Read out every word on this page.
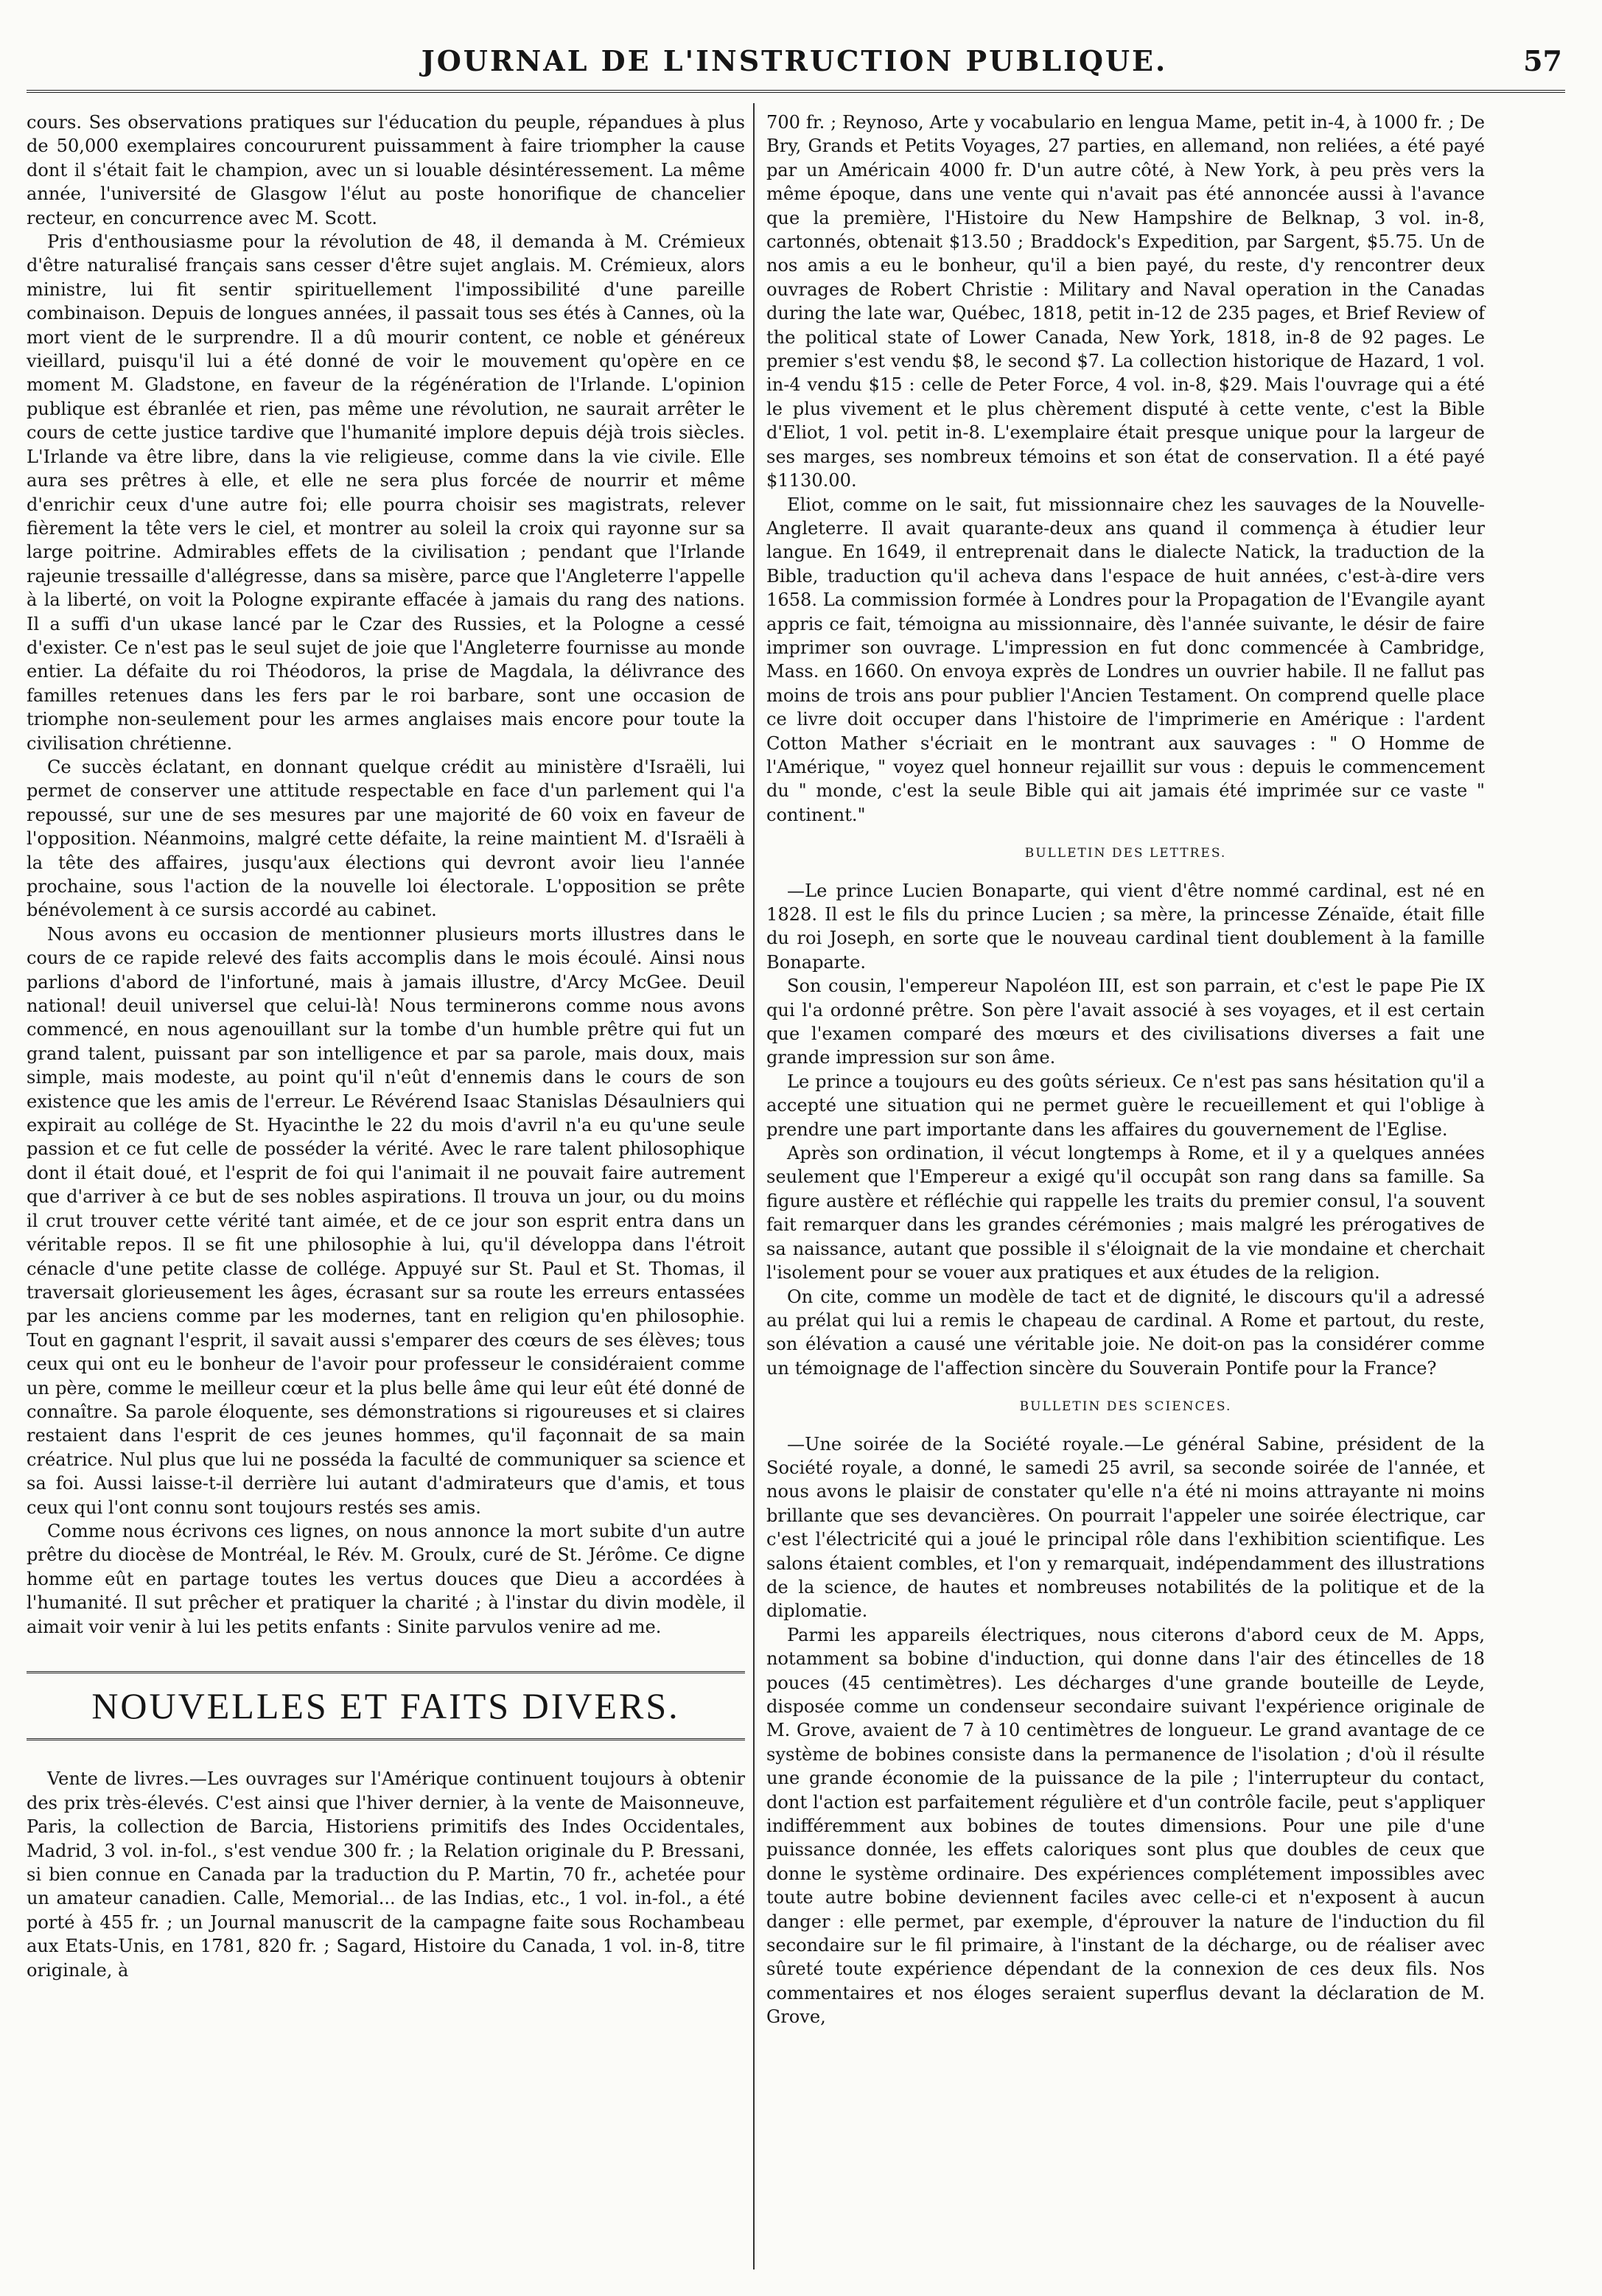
JOURNAL DE L'INSTRUCTION PUBLIQUE.	57

cours. Ses observations pratiques sur l'éducation du peuple, répandues à plus de 50,000 exemplaires concoururent puissamment à faire triompher la cause dont il s'était fait le champion, avec un si louable désintéressement. La même année, l'université de Glasgow l'élut au poste honorifique de chancelier recteur, en concurrence avec M. Scott.

Pris d'enthousiasme pour la révolution de 48, il demanda à M. Crémieux d'être naturalisé français sans cesser d'être sujet anglais. M. Crémieux, alors ministre, lui fit sentir spirituellement l'impossibilité d'une pareille combinaison. Depuis de longues années, il passait tous ses étés à Cannes, où la mort vient de le surprendre. Il a dû mourir content, ce noble et généreux vieillard, puisqu'il lui a été donné de voir le mouvement qu'opère en ce moment M. Gladstone, en faveur de la régénération de l'Irlande. L'opinion publique est ébranlée et rien, pas même une révolution, ne saurait arrêter le cours de cette justice tardive que l'humanité implore depuis déjà trois siècles. L'Irlande va être libre, dans la vie religieuse, comme dans la vie civile. Elle aura ses prêtres à elle, et elle ne sera plus forcée de nourrir et même d'enrichir ceux d'une autre foi; elle pourra choisir ses magistrats, relever fièrement la tête vers le ciel, et montrer au soleil la croix qui rayonne sur sa large poitrine. Admirables effets de la civilisation ; pendant que l'Irlande rajeunie tressaille d'allégresse, dans sa misère, parce que l'Angleterre l'appelle à la liberté, on voit la Pologne expirante effacée à jamais du rang des nations. Il a suffi d'un ukase lancé par le Czar des Russies, et la Pologne a cessé d'exister. Ce n'est pas le seul sujet de joie que l'Angleterre fournisse au monde entier. La défaite du roi Théodoros, la prise de Magdala, la délivrance des familles retenues dans les fers par le roi barbare, sont une occasion de triomphe non-seulement pour les armes anglaises mais encore pour toute la civilisation chrétienne.

Ce succès éclatant, en donnant quelque crédit au ministère d'Israëli, lui permet de conserver une attitude respectable en face d'un parlement qui l'a repoussé, sur une de ses mesures par une majorité de 60 voix en faveur de l'opposition. Néanmoins, malgré cette défaite, la reine maintient M. d'Israëli à la tête des affaires, jusqu'aux élections qui devront avoir lieu l'année prochaine, sous l'action de la nouvelle loi électorale. L'opposition se prête bénévolement à ce sursis accordé au cabinet.

Nous avons eu occasion de mentionner plusieurs morts illustres dans le cours de ce rapide relevé des faits accomplis dans le mois écoulé. Ainsi nous parlions d'abord de l'infortuné, mais à jamais illustre, d'Arcy McGee. Deuil national! deuil universel que celui-là! Nous terminerons comme nous avons commencé, en nous agenouillant sur la tombe d'un humble prêtre qui fut un grand talent, puissant par son intelligence et par sa parole, mais doux, mais simple, mais modeste, au point qu'il n'eût d'ennemis dans le cours de son existence que les amis de l'erreur. Le Révérend Isaac Stanislas Désaulniers qui expirait au collége de St. Hyacinthe le 22 du mois d'avril n'a eu qu'une seule passion et ce fut celle de posséder la vérité. Avec le rare talent philosophique dont il était doué, et l'esprit de foi qui l'animait il ne pouvait faire autrement que d'arriver à ce but de ses nobles aspirations. Il trouva un jour, ou du moins il crut trouver cette vérité tant aimée, et de ce jour son esprit entra dans un véritable repos. Il se fit une philosophie à lui, qu'il développa dans l'étroit cénacle d'une petite classe de collége. Appuyé sur St. Paul et St. Thomas, il traversait glorieusement les âges, écrasant sur sa route les erreurs entassées par les anciens comme par les modernes, tant en religion qu'en philosophie. Tout en gagnant l'esprit, il savait aussi s'emparer des cœurs de ses élèves; tous ceux qui ont eu le bonheur de l'avoir pour professeur le considéraient comme un père, comme le meilleur cœur et la plus belle âme qui leur eût été donné de connaître. Sa parole éloquente, ses démonstrations si rigoureuses et si claires restaient dans l'esprit de ces jeunes hommes, qu'il façonnait de sa main créatrice. Nul plus que lui ne posséda la faculté de communiquer sa science et sa foi. Aussi laisse-t-il derrière lui autant d'admirateurs que d'amis, et tous ceux qui l'ont connu sont toujours restés ses amis.

Comme nous écrivons ces lignes, on nous annonce la mort subite d'un autre prêtre du diocèse de Montréal, le Rév. M. Groulx, curé de St. Jérôme. Ce digne homme eût en partage toutes les vertus douces que Dieu a accordées à l'humanité. Il sut prêcher et pratiquer la charité ; à l'instar du divin modèle, il aimait voir venir à lui les petits enfants : Sinite parvulos venire ad me.

NOUVELLES ET FAITS DIVERS.

Vente de livres.—Les ouvrages sur l'Amérique continuent toujours à obtenir des prix très-élevés. C'est ainsi que l'hiver dernier, à la vente de Maisonneuve, Paris, la collection de Barcia, Historiens primitifs des Indes Occidentales, Madrid, 3 vol. in-fol., s'est vendue 300 fr. ; la Relation originale du P. Bressani, si bien connue en Canada par la traduction du P. Martin, 70 fr., achetée pour un amateur canadien. Calle, Memorial... de las Indias, etc., 1 vol. in-fol., a été porté à 455 fr. ; un Journal manuscrit de la campagne faite sous Rochambeau aux Etats-Unis, en 1781, 820 fr. ; Sagard, Histoire du Canada, 1 vol. in-8, titre originale, à

700 fr. ; Reynoso, Arte y vocabulario en lengua Mame, petit in-4, à 1000 fr. ; De Bry, Grands et Petits Voyages, 27 parties, en allemand, non reliées, a été payé par un Américain 4000 fr. D'un autre côté, à New York, à peu près vers la même époque, dans une vente qui n'avait pas été annoncée aussi à l'avance que la première, l'Histoire du New Hampshire de Belknap, 3 vol. in-8, cartonnés, obtenait $13.50 ; Braddock's Expedition, par Sargent, $5.75. Un de nos amis a eu le bonheur, qu'il a bien payé, du reste, d'y rencontrer deux ouvrages de Robert Christie : Military and Naval operation in the Canadas during the late war, Québec, 1818, petit in-12 de 235 pages, et Brief Review of the political state of Lower Canada, New York, 1818, in-8 de 92 pages. Le premier s'est vendu $8, le second $7. La collection historique de Hazard, 1 vol. in-4 vendu $15 : celle de Peter Force, 4 vol. in-8, $29. Mais l'ouvrage qui a été le plus vivement et le plus chèrement disputé à cette vente, c'est la Bible d'Eliot, 1 vol. petit in-8. L'exemplaire était presque unique pour la largeur de ses marges, ses nombreux témoins et son état de conservation. Il a été payé $1130.00.

Eliot, comme on le sait, fut missionnaire chez les sauvages de la Nouvelle-Angleterre. Il avait quarante-deux ans quand il commença à étudier leur langue. En 1649, il entreprenait dans le dialecte Natick, la traduction de la Bible, traduction qu'il acheva dans l'espace de huit années, c'est-à-dire vers 1658. La commission formée à Londres pour la Propagation de l'Evangile ayant appris ce fait, témoigna au missionnaire, dès l'année suivante, le désir de faire imprimer son ouvrage. L'impression en fut donc commencée à Cambridge, Mass. en 1660. On envoya exprès de Londres un ouvrier habile. Il ne fallut pas moins de trois ans pour publier l'Ancien Testament. On comprend quelle place ce livre doit occuper dans l'histoire de l'imprimerie en Amérique : l'ardent Cotton Mather s'écriait en le montrant aux sauvages : " O Homme de l'Amérique, " voyez quel honneur rejaillit sur vous : depuis le commencement du " monde, c'est la seule Bible qui ait jamais été imprimée sur ce vaste " continent."

BULLETIN DES LETTRES.

—Le prince Lucien Bonaparte, qui vient d'être nommé cardinal, est né en 1828. Il est le fils du prince Lucien ; sa mère, la princesse Zénaïde, était fille du roi Joseph, en sorte que le nouveau cardinal tient doublement à la famille Bonaparte.

Son cousin, l'empereur Napoléon III, est son parrain, et c'est le pape Pie IX qui l'a ordonné prêtre. Son père l'avait associé à ses voyages, et il est certain que l'examen comparé des mœurs et des civilisations diverses a fait une grande impression sur son âme.

Le prince a toujours eu des goûts sérieux. Ce n'est pas sans hésitation qu'il a accepté une situation qui ne permet guère le recueillement et qui l'oblige à prendre une part importante dans les affaires du gouvernement de l'Eglise.

Après son ordination, il vécut longtemps à Rome, et il y a quelques années seulement que l'Empereur a exigé qu'il occupât son rang dans sa famille. Sa figure austère et réfléchie qui rappelle les traits du premier consul, l'a souvent fait remarquer dans les grandes cérémonies ; mais malgré les prérogatives de sa naissance, autant que possible il s'éloignait de la vie mondaine et cherchait l'isolement pour se vouer aux pratiques et aux études de la religion.

On cite, comme un modèle de tact et de dignité, le discours qu'il a adressé au prélat qui lui a remis le chapeau de cardinal. A Rome et partout, du reste, son élévation a causé une véritable joie. Ne doit-on pas la considérer comme un témoignage de l'affection sincère du Souverain Pontife pour la France?

BULLETIN DES SCIENCES.

—Une soirée de la Société royale.—Le général Sabine, président de la Société royale, a donné, le samedi 25 avril, sa seconde soirée de l'année, et nous avons le plaisir de constater qu'elle n'a été ni moins attrayante ni moins brillante que ses devancières. On pourrait l'appeler une soirée électrique, car c'est l'électricité qui a joué le principal rôle dans l'exhibition scientifique. Les salons étaient combles, et l'on y remarquait, indépendamment des illustrations de la science, de hautes et nombreuses notabilités de la politique et de la diplomatie.

Parmi les appareils électriques, nous citerons d'abord ceux de M. Apps, notamment sa bobine d'induction, qui donne dans l'air des étincelles de 18 pouces (45 centimètres). Les décharges d'une grande bouteille de Leyde, disposée comme un condenseur secondaire suivant l'expérience originale de M. Grove, avaient de 7 à 10 centimètres de longueur. Le grand avantage de ce système de bobines consiste dans la permanence de l'isolation ; d'où il résulte une grande économie de la puissance de la pile ; l'interrupteur du contact, dont l'action est parfaitement régulière et d'un contrôle facile, peut s'appliquer indifféremment aux bobines de toutes dimensions. Pour une pile d'une puissance donnée, les effets caloriques sont plus que doubles de ceux que donne le système ordinaire. Des expériences complétement impossibles avec toute autre bobine deviennent faciles avec celle-ci et n'exposent à aucun danger : elle permet, par exemple, d'éprouver la nature de l'induction du fil secondaire sur le fil primaire, à l'instant de la décharge, ou de réaliser avec sûreté toute expérience dépendant de la connexion de ces deux fils. Nos commentaires et nos éloges seraient superflus devant la déclaration de M. Grove,
